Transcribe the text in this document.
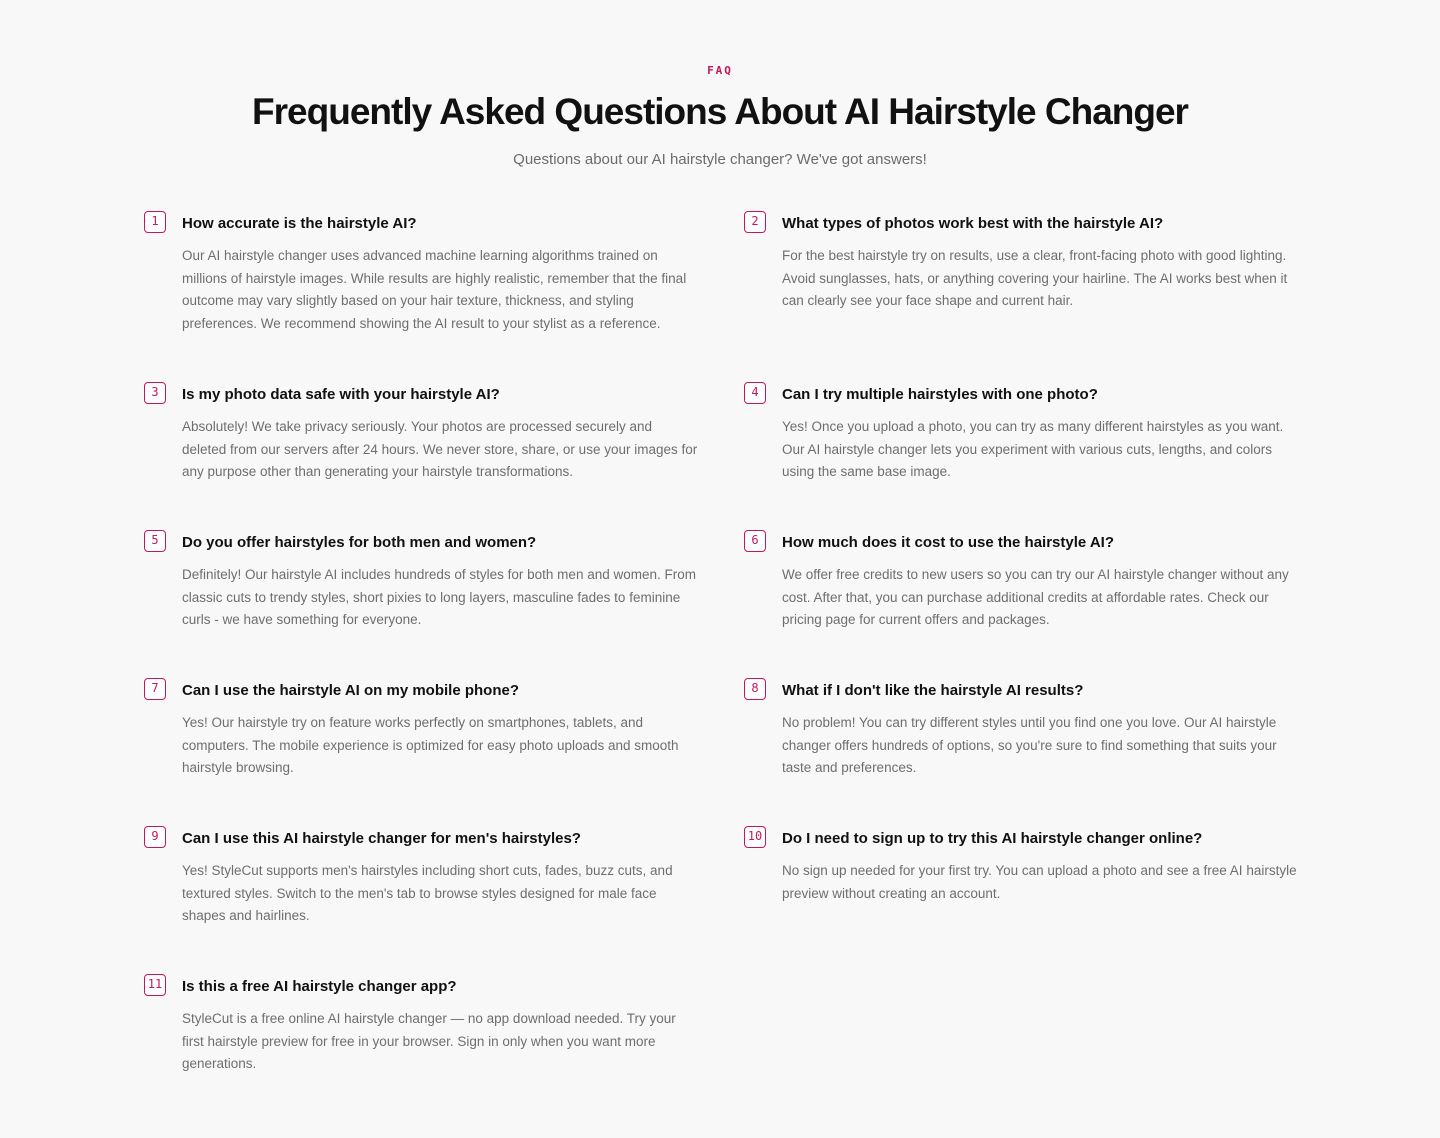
FAQ
Frequently Asked Questions About AI Hairstyle Changer
Questions about our AI hairstyle changer? We've got answers!
1	How accurate is the hairstyle AI?

Our AI hairstyle changer uses advanced machine learning algorithms trained on millions of hairstyle images. While results are highly realistic, remember that the final outcome may vary slightly based on your hair texture, thickness, and styling preferences. We recommend showing the AI result to your stylist as a reference.

2	What types of photos work best with the hairstyle AI?

For the best hairstyle try on results, use a clear, front-facing photo with good lighting. Avoid sunglasses, hats, or anything covering your hairline. The AI works best when it can clearly see your face shape and current hair.

3	Is my photo data safe with your hairstyle AI?

Absolutely! We take privacy seriously. Your photos are processed securely and deleted from our servers after 24 hours. We never store, share, or use your images for any purpose other than generating your hairstyle transformations.

4	Can I try multiple hairstyles with one photo?

Yes! Once you upload a photo, you can try as many different hairstyles as you want. Our AI hairstyle changer lets you experiment with various cuts, lengths, and colors using the same base image.

5	Do you offer hairstyles for both men and women?

Definitely! Our hairstyle AI includes hundreds of styles for both men and women. From classic cuts to trendy styles, short pixies to long layers, masculine fades to feminine curls - we have something for everyone.

6	How much does it cost to use the hairstyle AI?

We offer free credits to new users so you can try our AI hairstyle changer without any cost. After that, you can purchase additional credits at affordable rates. Check our pricing page for current offers and packages.

7	Can I use the hairstyle AI on my mobile phone?

Yes! Our hairstyle try on feature works perfectly on smartphones, tablets, and computers. The mobile experience is optimized for easy photo uploads and smooth hairstyle browsing.

8	What if I don't like the hairstyle AI results?

No problem! You can try different styles until you find one you love. Our AI hairstyle changer offers hundreds of options, so you're sure to find something that suits your taste and preferences.

9	Can I use this AI hairstyle changer for men's hairstyles?

Yes! StyleCut supports men's hairstyles including short cuts, fades, buzz cuts, and textured styles. Switch to the men's tab to browse styles designed for male face shapes and hairlines.

10 Do I need to sign up to try this AI hairstyle changer online?

No sign up needed for your first try. You can upload a photo and see a free AI hairstyle preview without creating an account.

11 Is this a free AI hairstyle changer app?

StyleCut is a free online AI hairstyle changer — no app download needed. Try your first hairstyle preview for free in your browser. Sign in only when you want more generations.
